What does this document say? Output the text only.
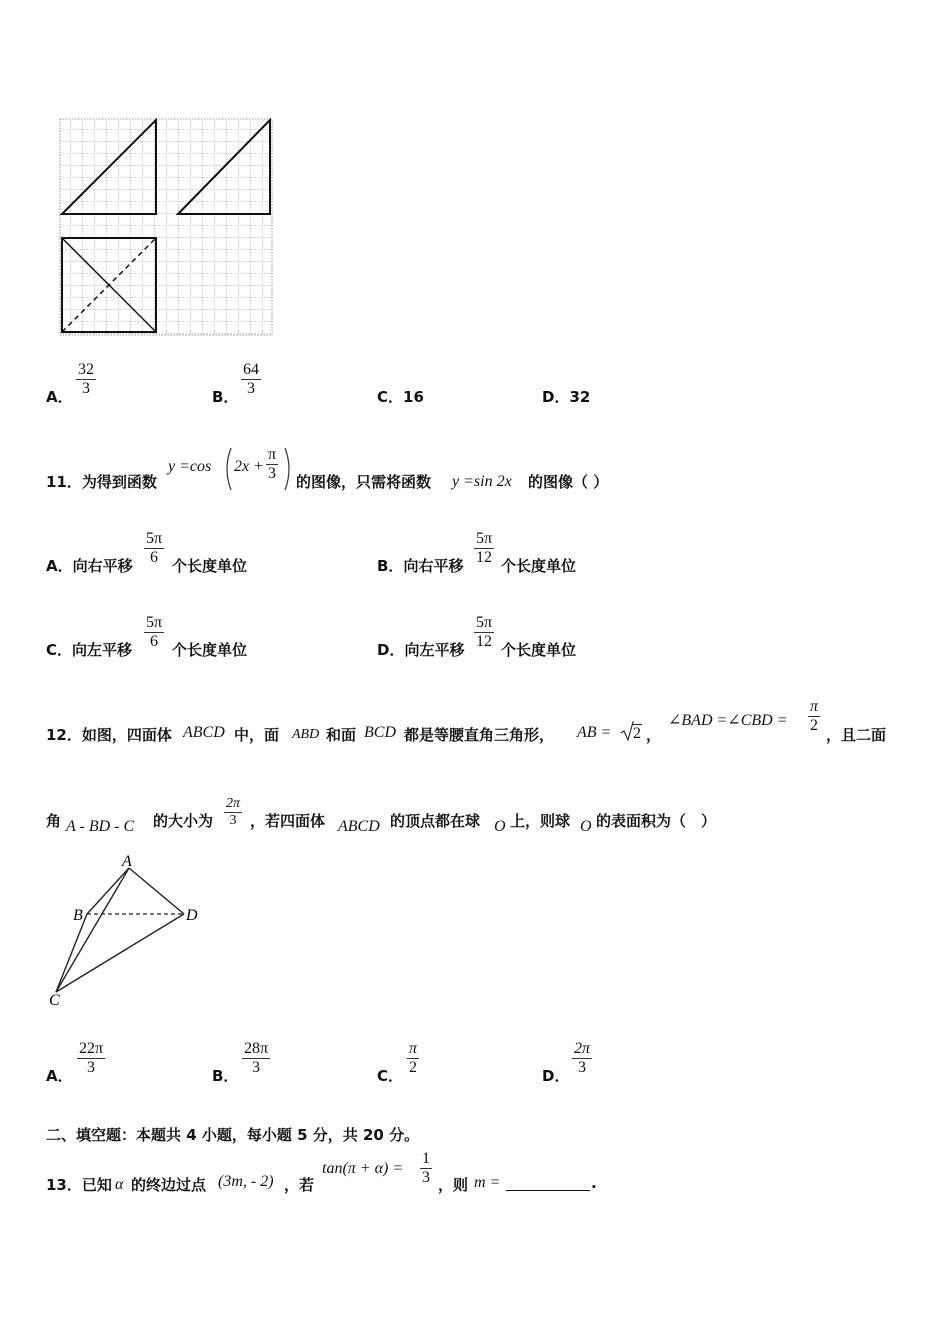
A． $\frac{32}{3}$	B． $\frac{64}{3}$	C．16	D．32
11．为得到函数
y =cos $2x + \frac{\pi}{3}$ 的图像，只需将函数 y =sin 2x 的图像（ ）
A．向右平移 $\frac{5\pi}{6}$ 个长度单位	B．向右平移 $\frac{5\pi}{12}$ 个长度单位
C．向左平移 $\frac{5\pi}{6}$ 个长度单位	D．向左平移 $\frac{5\pi}{12}$ 个长度单位
12．如图，四面体 ABCD 中，面 ABD 和面 BCD 都是等腰直角三角形， AB = 2 ，
∠BAD =∠CBD = $\frac{\pi}{2}$ ，且二面
角 A - BD - C 的大小为 $\frac{2\pi}{3}$ ，若四面体 ABCD 的顶点都在球 O 上，则球 O 的表面积为（　）
A
B	D
C
A． $\frac{22\pi}{3}$	B． $\frac{28\pi}{3}$	C． $\frac{\pi}{2}$	D． $\frac{2\pi}{3}$
二、填空题：本题共 4 小题，每小题 5 分，共 20 分。
13．已知 α 的终边过点 (3m, - 2) ，若
$\tan(\pi + \alpha) = \frac{1}{3}$ ，则 m =	.
